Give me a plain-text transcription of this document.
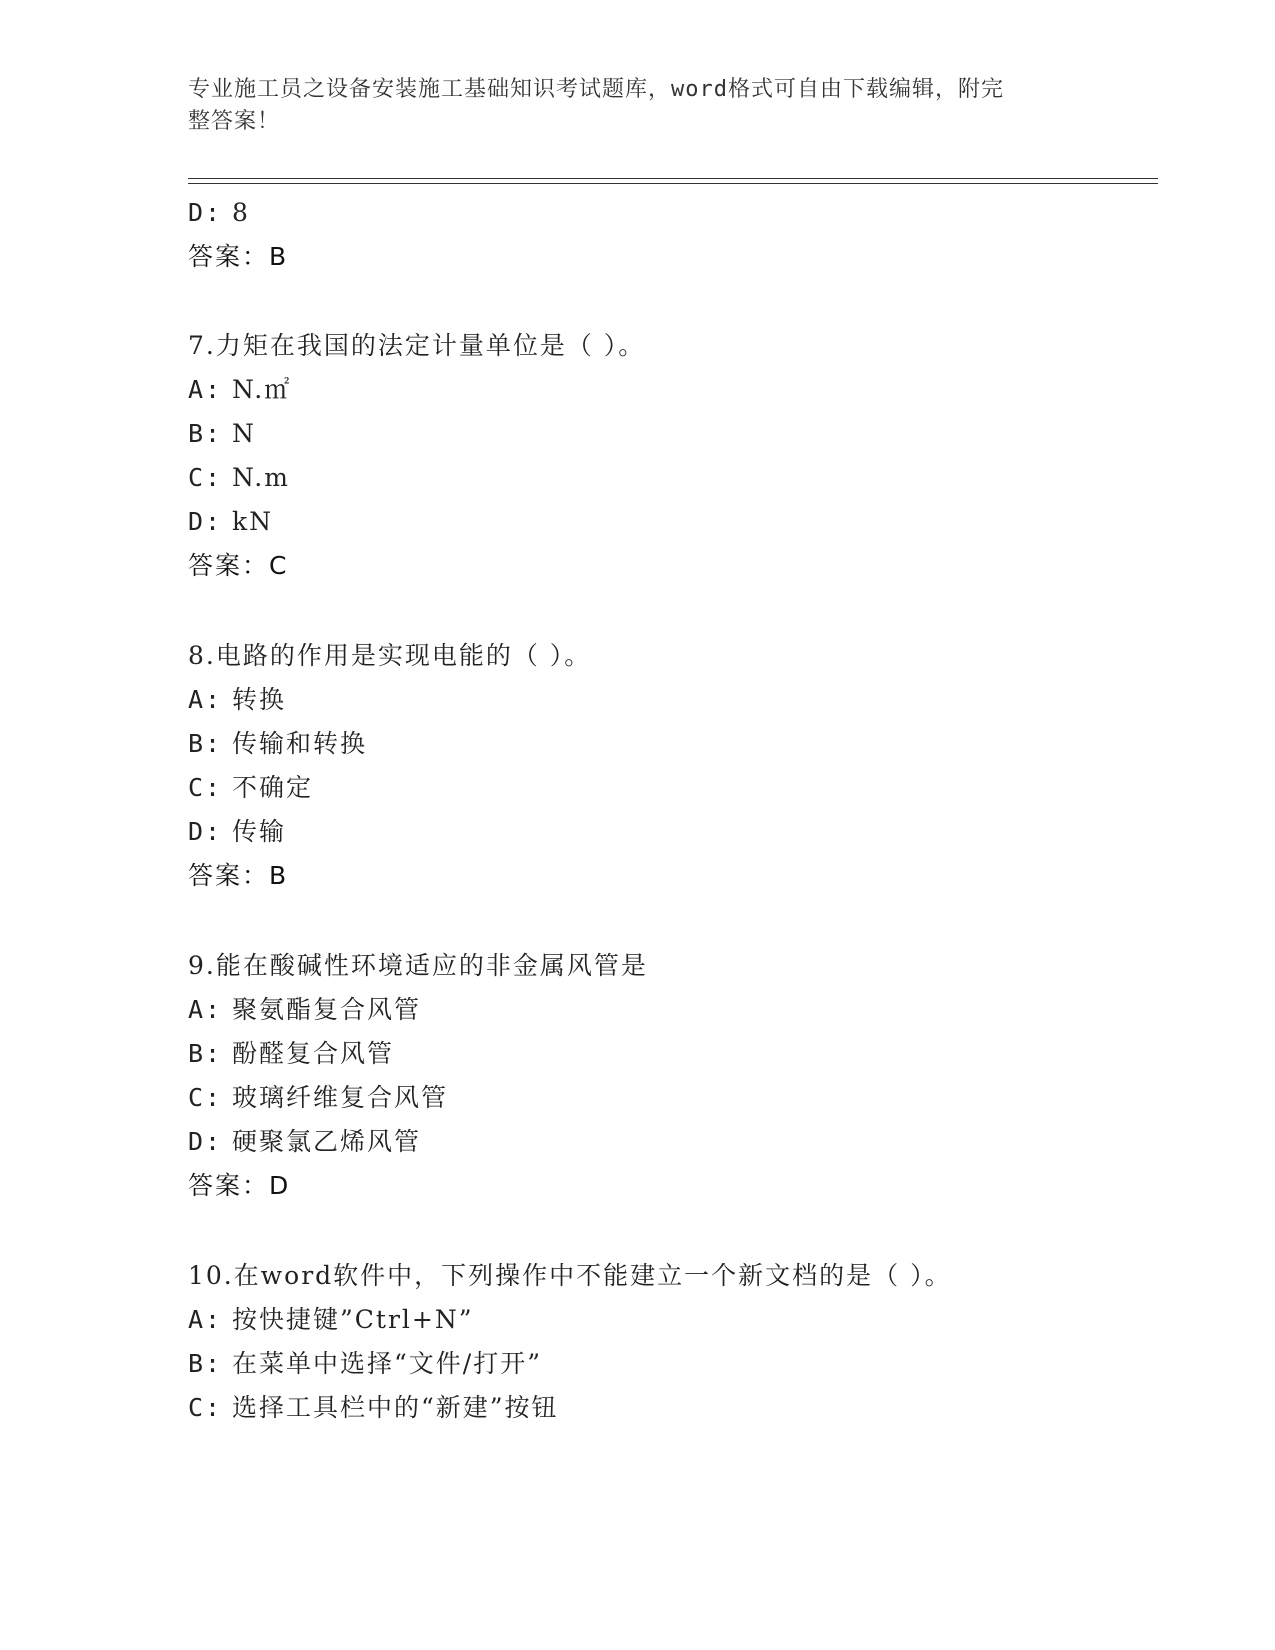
专业施工员之设备安装施工基础知识考试题库，word格式可自由下载编辑，附完
整答案！
D: 8
答案：B
7.力矩在我国的法定计量单位是（ ）。
A: N.㎡
B: N
C: N.m
D: kN
答案：C
8.电路的作用是实现电能的（ ）。
A: 转换
B: 传输和转换
C: 不确定
D: 传输
答案：B
9.能在酸碱性环境适应的非金属风管是
A: 聚氨酯复合风管
B: 酚醛复合风管
C: 玻璃纤维复合风管
D: 硬聚氯乙烯风管
答案：D
10.在word软件中，下列操作中不能建立一个新文档的是（ ）。
A: 按快捷键”Ctrl+N”
B: 在菜单中选择“文件/打开”
C: 选择工具栏中的“新建”按钮
